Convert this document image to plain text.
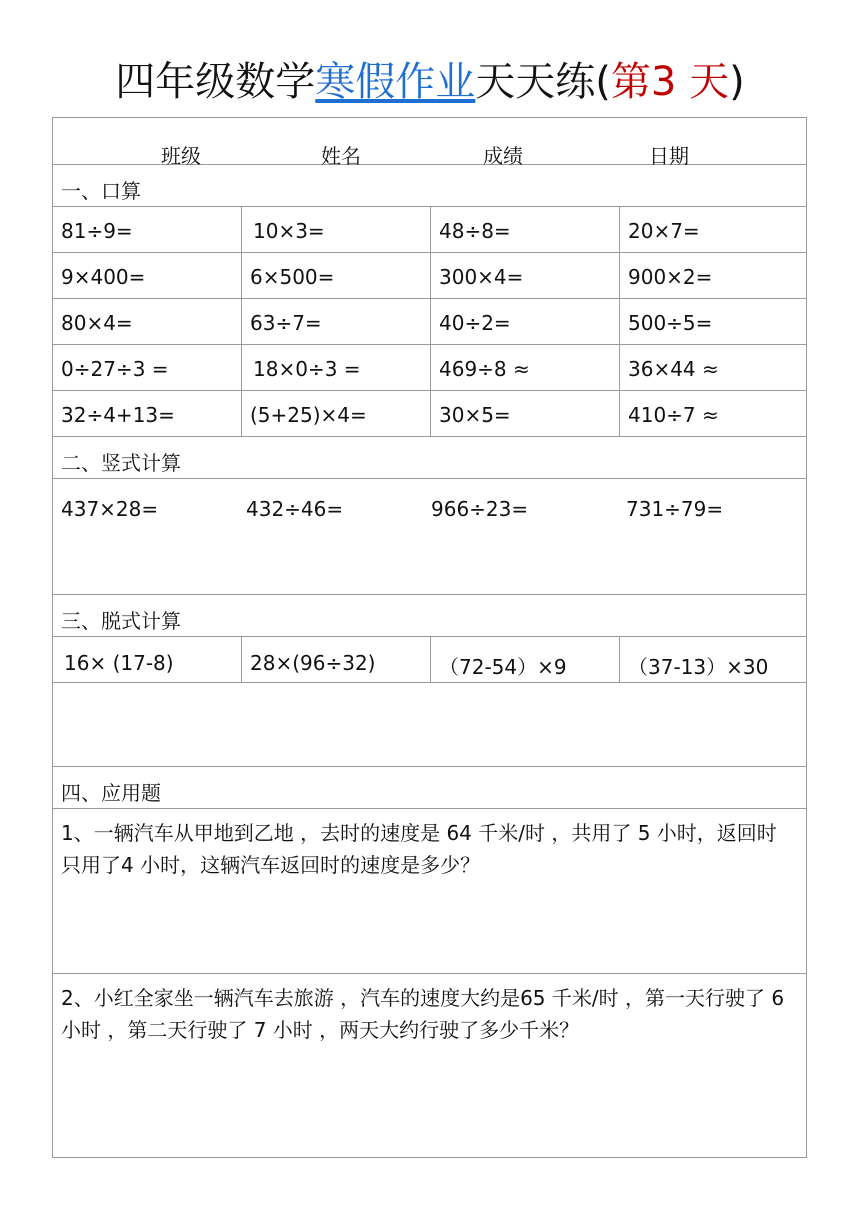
四年级数学寒假作业天天练(第3 天)
班级	姓名	成绩	日期
一、口算
81÷9=	10×3=	48÷8=	20×7=
9×400=	6×500=	300×4=	900×2=
80×4=	63÷7=	40÷2=	500÷5=
0÷27÷3 =	18×0÷3 =	469÷8 ≈	36×44 ≈
32÷4+13=	(5+25)×4=	30×5=	410÷7 ≈
二、竖式计算
437×28=	432÷46=	966÷23=	731÷79=
三、脱式计算
16× (17-8)	28×(96÷32)	（72-54）×9	（37-13）×30
四、应用题
1、一辆汽车从甲地到乙地 ，去时的速度是 64 千米/时 ，共用了 5 小时，返回时只用了4 小时，这辆汽车返回时的速度是多少？
2、小红全家坐一辆汽车去旅游 ，汽车的速度大约是65 千米/时 ，第一天行驶了 6 小时 ，第二天行驶了 7 小时 ，两天大约行驶了多少千米？
